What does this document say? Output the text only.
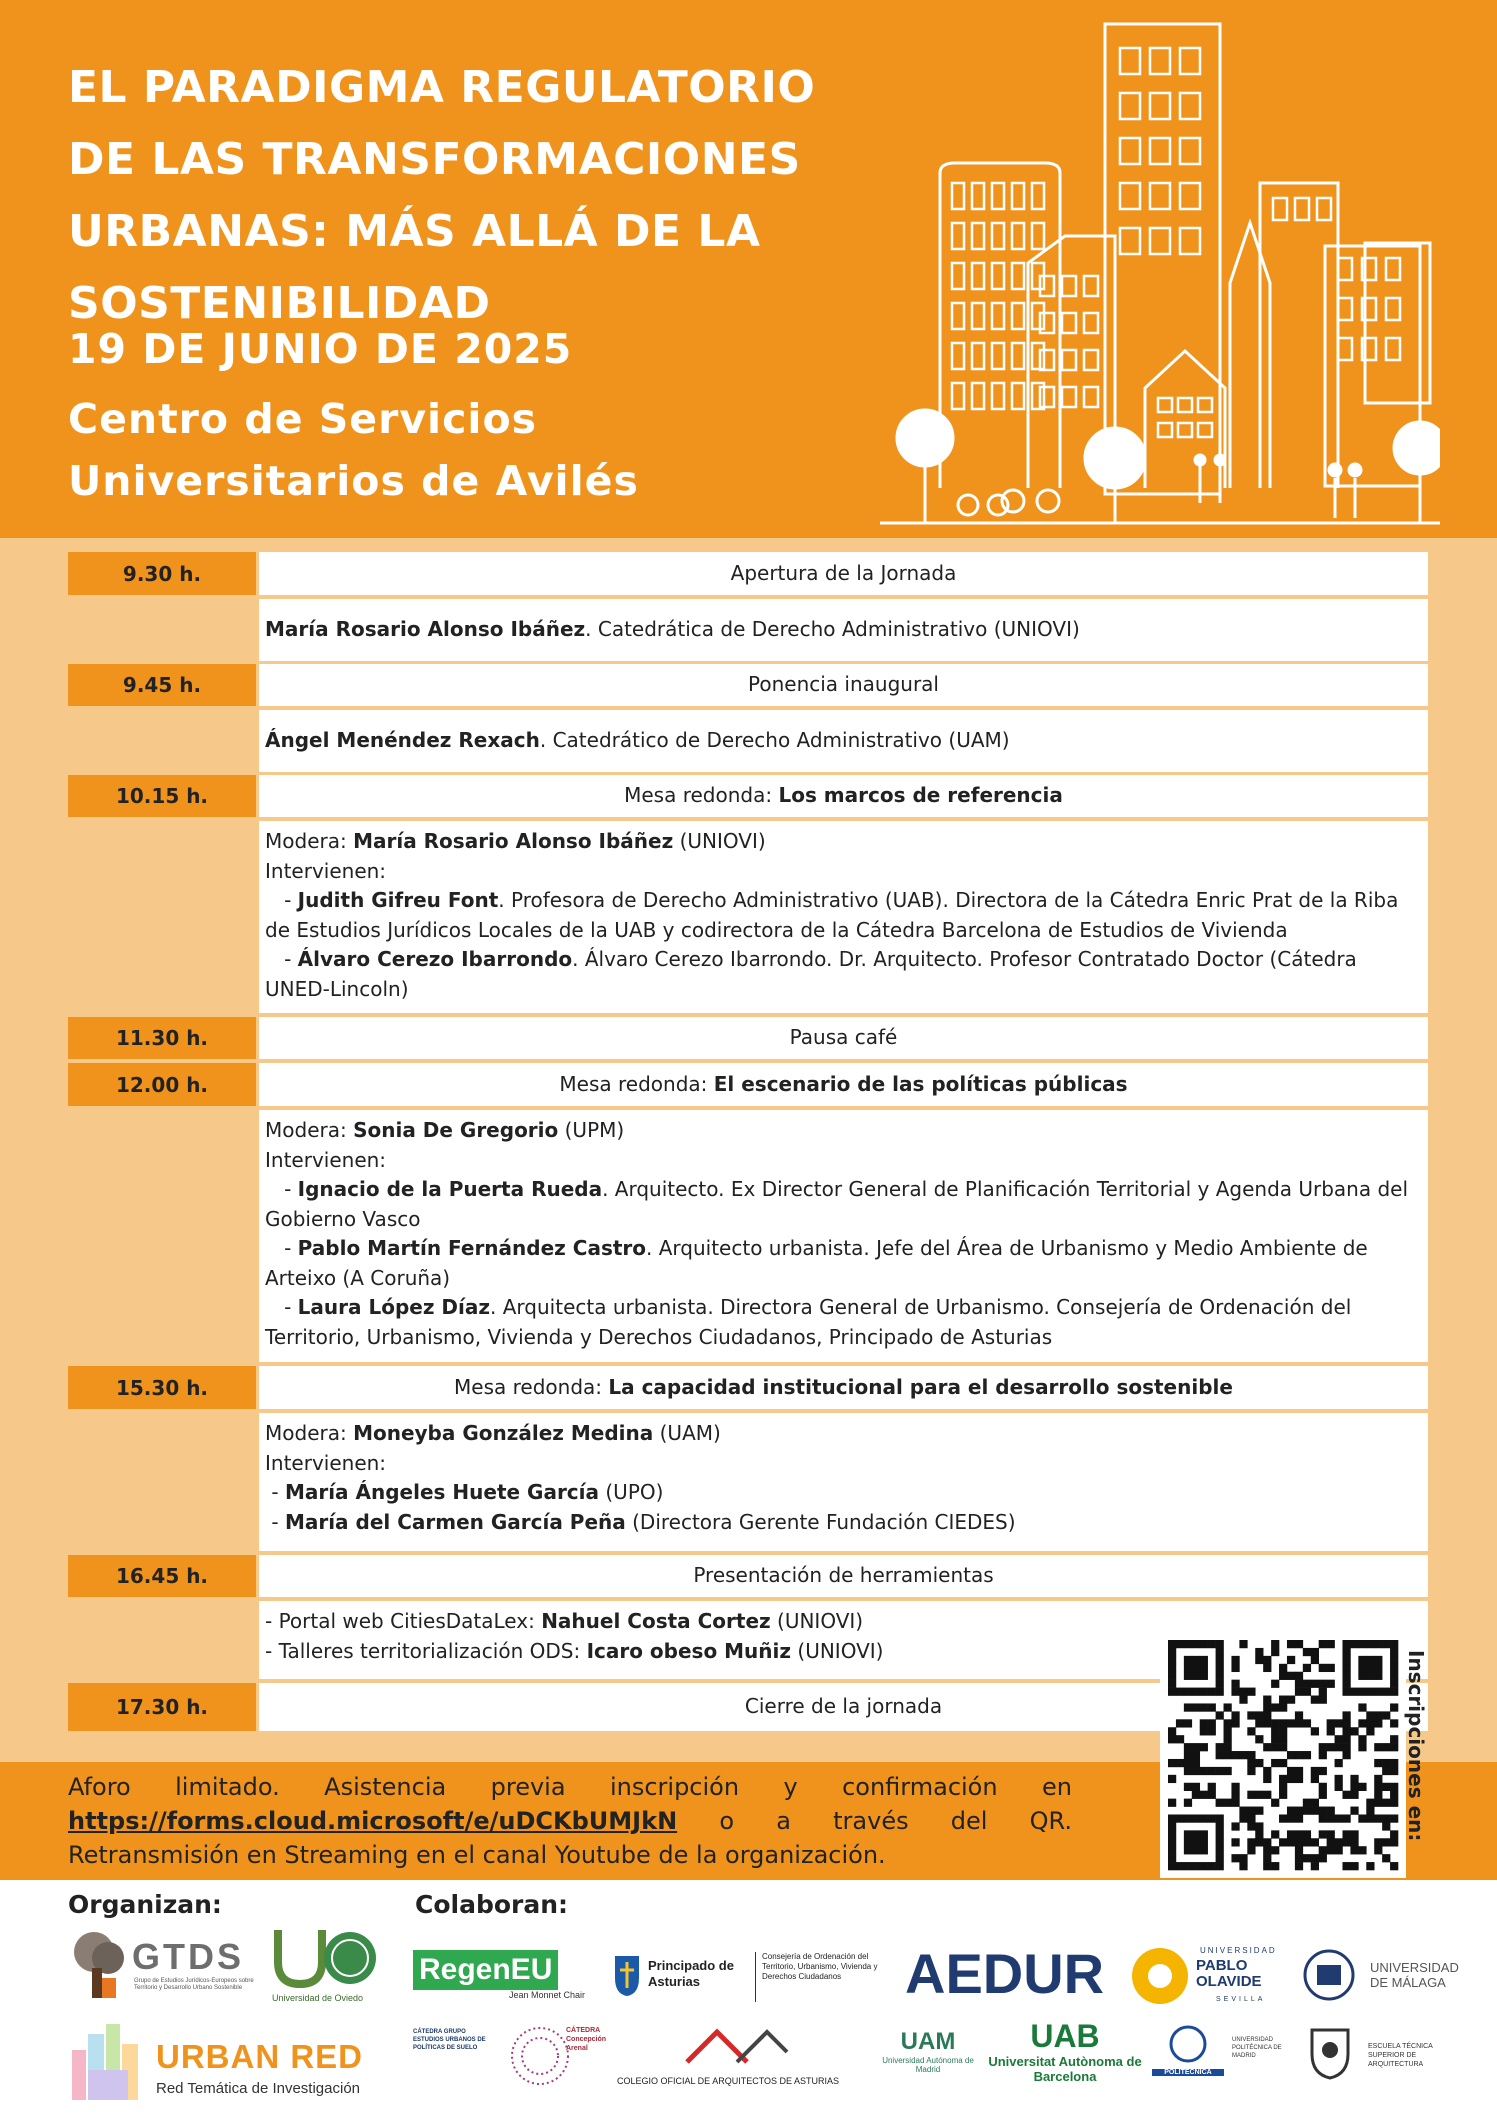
EL PARADIGMA REGULATORIO
DE LAS TRANSFORMACIONES
URBANAS: MÁS ALLÁ DE LA
SOSTENIBILIDAD
19 DE JUNIO DE 2025
Centro de Servicios
Universitarios de Avilés
9.30 h.	Apertura de la Jornada
María Rosario Alonso Ibáñez. Catedrática de Derecho Administrativo (UNIOVI)
9.45 h.	Ponencia inaugural
Ángel Menéndez Rexach. Catedrático de Derecho Administrativo (UAM)
10.15 h.	Mesa redonda: Los marcos de referencia
Modera: María Rosario Alonso Ibáñez (UNIOVI)
Intervienen:
- Judith Gifreu Font. Profesora de Derecho Administrativo (UAB). Directora de la Cátedra Enric Prat de la Riba de Estudios Jurídicos Locales de la UAB y codirectora de la Cátedra Barcelona de Estudios de Vivienda
- Álvaro Cerezo Ibarrondo. Álvaro Cerezo Ibarrondo. Dr. Arquitecto. Profesor Contratado Doctor (Cátedra UNED-Lincoln)
11.30 h.	Pausa café
12.00 h.	Mesa redonda: El escenario de las políticas públicas
Modera: Sonia De Gregorio (UPM)
Intervienen:
- Ignacio de la Puerta Rueda. Arquitecto. Ex Director General de Planificación Territorial y Agenda Urbana del Gobierno Vasco
- Pablo Martín Fernández Castro. Arquitecto urbanista. Jefe del Área de Urbanismo y Medio Ambiente de Arteixo (A Coruña)
- Laura López Díaz. Arquitecta urbanista. Directora General de Urbanismo. Consejería de Ordenación del Territorio, Urbanismo, Vivienda y Derechos Ciudadanos, Principado de Asturias
15.30 h.	Mesa redonda: La capacidad institucional para el desarrollo sostenible
Modera: Moneyba González Medina (UAM)
Intervienen:
- María Ángeles Huete García (UPO)
- María del Carmen García Peña (Directora Gerente Fundación CIEDES)
16.45 h.	Presentación de herramientas
- Portal web CitiesDataLex: Nahuel Costa Cortez (UNIOVI)
- Talleres territorialización ODS: Icaro obeso Muñiz (UNIOVI)
17.30 h.	Cierre de la jornada
Aforo limitado. Asistencia previa inscripción y confirmación en
https://forms.cloud.microsoft/e/uDCKbUMJkN o a través del QR.
Retransmisión en Streaming en el canal Youtube de la organización.
Inscripciones en:
Organizan:	Colaboran:
GTDS
Grupo de Estudios Jurídicos-Europeos sobre Territorio y Desarrollo Urbano Sostenible
Universidad de Oviedo
URBAN RED
Red Temática de Investigación
RegenEU
Jean Monnet Chair
Principado de Asturias
Consejería de Ordenación del Territorio, Urbanismo, Vivienda y Derechos Ciudadanos	AEDUR	UNIVERSIDAD
PABLO OLAVIDE
SEVILLA
UNIVERSIDAD DE MÁLAGA
CÁTEDRA GRUPO ESTUDIOS URBANOS DE POLÍTICAS DE SUELO
CÁTEDRA Concepción Arenal
COLEGIO OFICIAL DE ARQUITECTOS DE ASTURIAS
UAM
Universidad Autónoma de Madrid
UAB
Universitat Autònoma de Barcelona	POLITÉCNICA
UNIVERSIDAD POLITÉCNICA DE MADRID
ESCUELA TÉCNICA SUPERIOR DE ARQUITECTURA
